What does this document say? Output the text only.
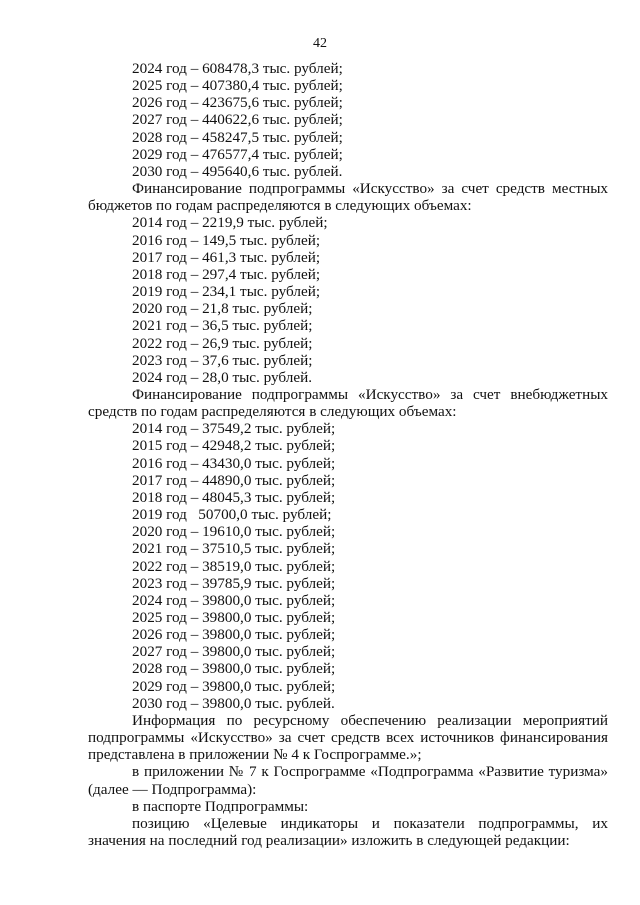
42
2024 год – 608478,3 тыс. рублей;
2025 год – 407380,4 тыс. рублей;
2026 год – 423675,6 тыс. рублей;
2027 год – 440622,6 тыс. рублей;
2028 год – 458247,5 тыс. рублей;
2029 год – 476577,4 тыс. рублей;
2030 год – 495640,6 тыс. рублей.
Финансирование подпрограммы «Искусство» за счет средств местных бюджетов по годам распределяются в следующих объемах:
2014 год – 2219,9 тыс. рублей;
2016 год – 149,5 тыс. рублей;
2017 год – 461,3 тыс. рублей;
2018 год – 297,4 тыс. рублей;
2019 год – 234,1 тыс. рублей;
2020 год – 21,8 тыс. рублей;
2021 год – 36,5 тыс. рублей;
2022 год – 26,9 тыс. рублей;
2023 год – 37,6 тыс. рублей;
2024 год – 28,0 тыс. рублей.
Финансирование подпрограммы «Искусство» за счет внебюджетных средств по годам распределяются в следующих объемах:
2014 год – 37549,2 тыс. рублей;
2015 год – 42948,2 тыс. рублей;
2016 год – 43430,0 тыс. рублей;
2017 год – 44890,0 тыс. рублей;
2018 год – 48045,3 тыс. рублей;
2019 год   50700,0 тыс. рублей;
2020 год – 19610,0 тыс. рублей;
2021 год – 37510,5 тыс. рублей;
2022 год – 38519,0 тыс. рублей;
2023 год – 39785,9 тыс. рублей;
2024 год – 39800,0 тыс. рублей;
2025 год – 39800,0 тыс. рублей;
2026 год – 39800,0 тыс. рублей;
2027 год – 39800,0 тыс. рублей;
2028 год – 39800,0 тыс. рублей;
2029 год – 39800,0 тыс. рублей;
2030 год – 39800,0 тыс. рублей.
Информация по ресурсному обеспечению реализации мероприятий подпрограммы «Искусство» за счет средств всех источников финансирования представлена в приложении № 4 к Госпрограмме.»;
в приложении № 7 к Госпрограмме «Подпрограмма «Развитие туризма» (далее — Подпрограмма):
в паспорте Подпрограммы:
позицию «Целевые индикаторы и показатели подпрограммы, их значения на последний год реализации» изложить в следующей редакции:
